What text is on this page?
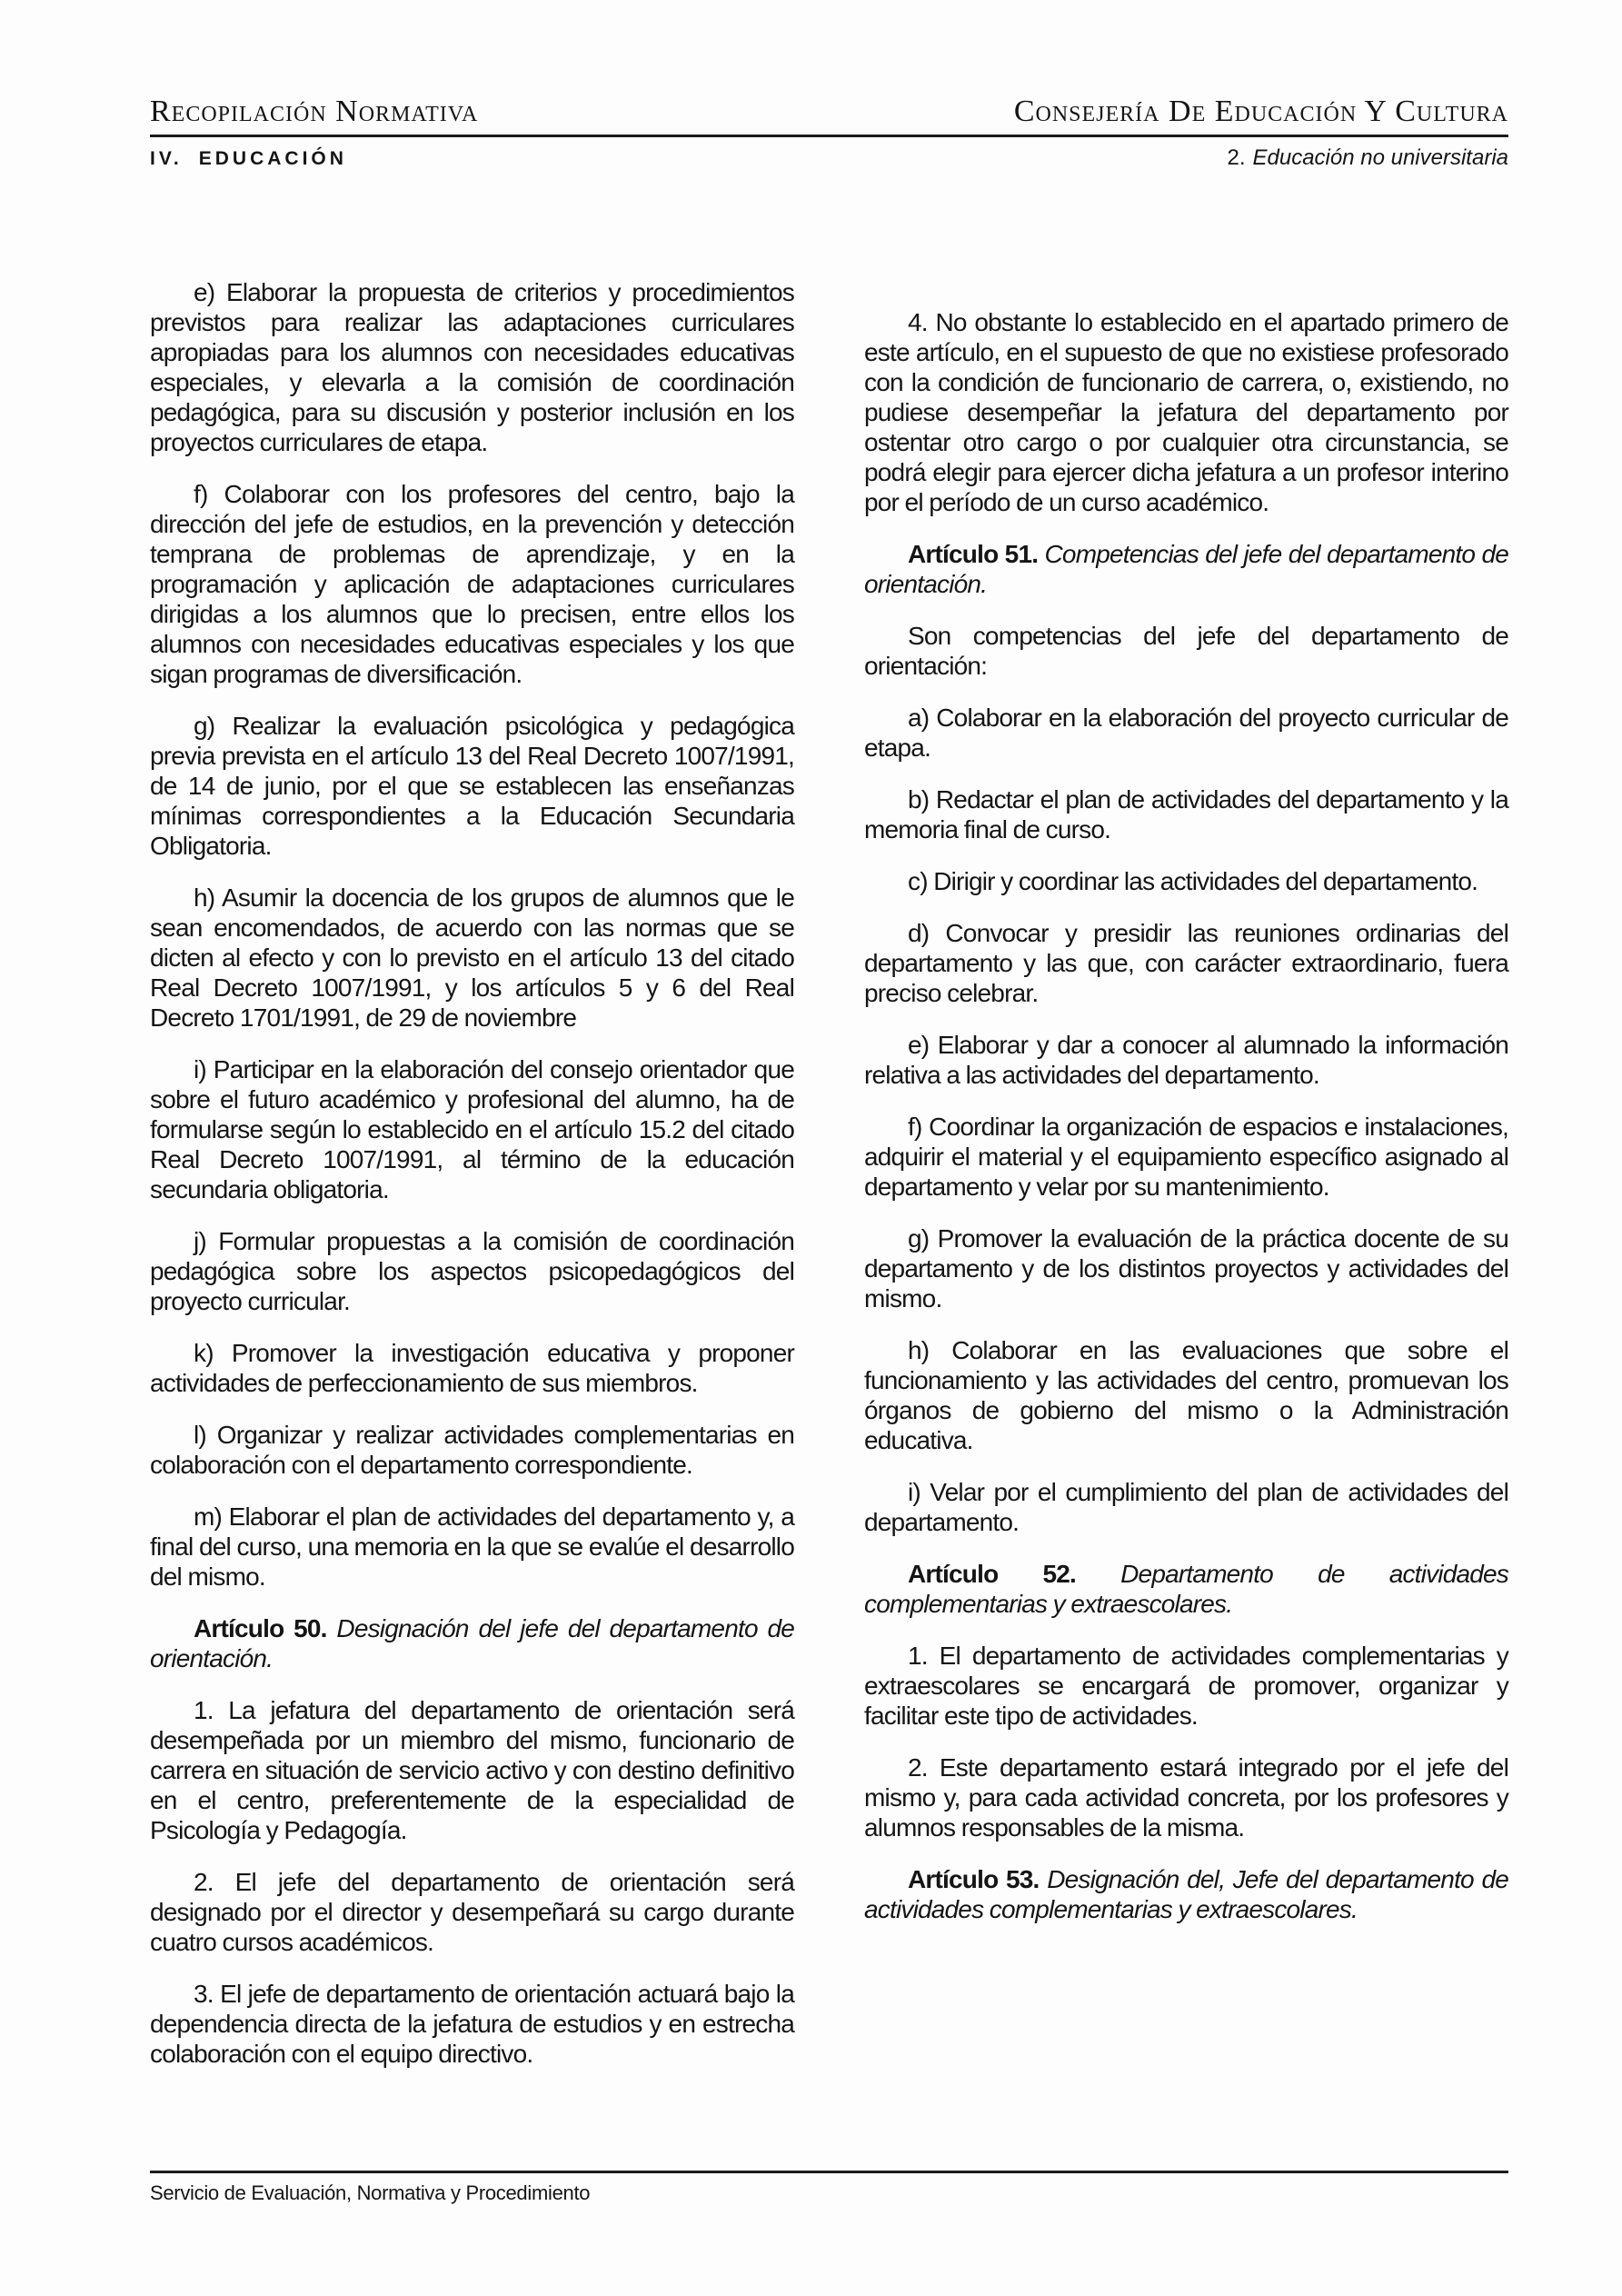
Recopilación Normativa	Consejería De Educación Y Cultura
IV. EDUCACIÓN	2. Educación no universitaria

e) Elaborar la propuesta de criterios y procedimientos previstos para realizar las adaptaciones curriculares apropiadas para los alumnos con necesidades educativas especiales, y elevarla a la comisión de coordinación pedagógica, para su discusión y posterior inclusión en los proyectos curriculares de etapa.

f) Colaborar con los profesores del centro, bajo la dirección del jefe de estudios, en la prevención y detección temprana de problemas de aprendizaje, y en la programación y aplicación de adaptaciones curriculares dirigidas a los alumnos que lo precisen, entre ellos los alumnos con necesidades educativas especiales y los que sigan programas de diversificación.

g) Realizar la evaluación psicológica y pedagógica previa prevista en el artículo 13 del Real Decreto 1007/1991, de 14 de junio, por el que se establecen las enseñanzas mínimas correspondientes a la Educación Secundaria Obligatoria.

h) Asumir la docencia de los grupos de alumnos que le sean encomendados, de acuerdo con las normas que se dicten al efecto y con lo previsto en el artículo 13 del citado Real Decreto 1007/1991, y los artículos 5 y 6 del Real Decreto 1701/1991, de 29 de noviembre

i) Participar en la elaboración del consejo orientador que sobre el futuro académico y profesional del alumno, ha de formularse según lo establecido en el artículo 15.2 del citado Real Decreto 1007/1991, al término de la educación secundaria obligatoria.

j) Formular propuestas a la comisión de coordinación pedagógica sobre los aspectos psicopedagógicos del proyecto curricular.

k) Promover la investigación educativa y proponer actividades de perfeccionamiento de sus miembros.

l) Organizar y realizar actividades complementarias en colaboración con el departamento correspondiente.

m) Elaborar el plan de actividades del departamento y, a final del curso, una memoria en la que se evalúe el desarrollo del mismo.

Artículo 50. Designación del jefe del departamento de orientación.

1. La jefatura del departamento de orientación será desempeñada por un miembro del mismo, funcionario de carrera en situación de servicio activo y con destino definitivo en el centro, preferentemente de la especialidad de Psicología y Pedagogía.

2. El jefe del departamento de orientación será designado por el director y desempeñará su cargo durante cuatro cursos académicos.

3. El jefe de departamento de orientación actuará bajo la dependencia directa de la jefatura de estudios y en estrecha colaboración con el equipo directivo.

4. No obstante lo establecido en el apartado primero de este artículo, en el supuesto de que no existiese profesorado con la condición de funcionario de carrera, o, existiendo, no pudiese desempeñar la jefatura del departamento por ostentar otro cargo o por cualquier otra circunstancia, se podrá elegir para ejercer dicha jefatura a un profesor interino por el período de un curso académico.

Artículo 51. Competencias del jefe del departamento de orientación.

Son competencias del jefe del departamento de orientación:

a) Colaborar en la elaboración del proyecto curricular de etapa.

b) Redactar el plan de actividades del departamento y la memoria final de curso.

c) Dirigir y coordinar las actividades del departamento.

d) Convocar y presidir las reuniones ordinarias del departamento y las que, con carácter extraordinario, fuera preciso celebrar.

e) Elaborar y dar a conocer al alumnado la información relativa a las actividades del departamento.

f) Coordinar la organización de espacios e instalaciones, adquirir el material y el equipamiento específico asignado al departamento y velar por su mantenimiento.

g) Promover la evaluación de la práctica docente de su departamento y de los distintos proyectos y actividades del mismo.

h) Colaborar en las evaluaciones que sobre el funcionamiento y las actividades del centro, promuevan los órganos de gobierno del mismo o la Administración educativa.

i) Velar por el cumplimiento del plan de actividades del departamento.

Artículo 52. Departamento de actividades complementarias y extraescolares.

1. El departamento de actividades complementarias y extraescolares se encargará de promover, organizar y facilitar este tipo de actividades.

2. Este departamento estará integrado por el jefe del mismo y, para cada actividad concreta, por los profesores y alumnos responsables de la misma.

Artículo 53. Designación del, Jefe del departamento de actividades complementarias y extraescolares.

Servicio de Evaluación, Normativa y Procedimiento
